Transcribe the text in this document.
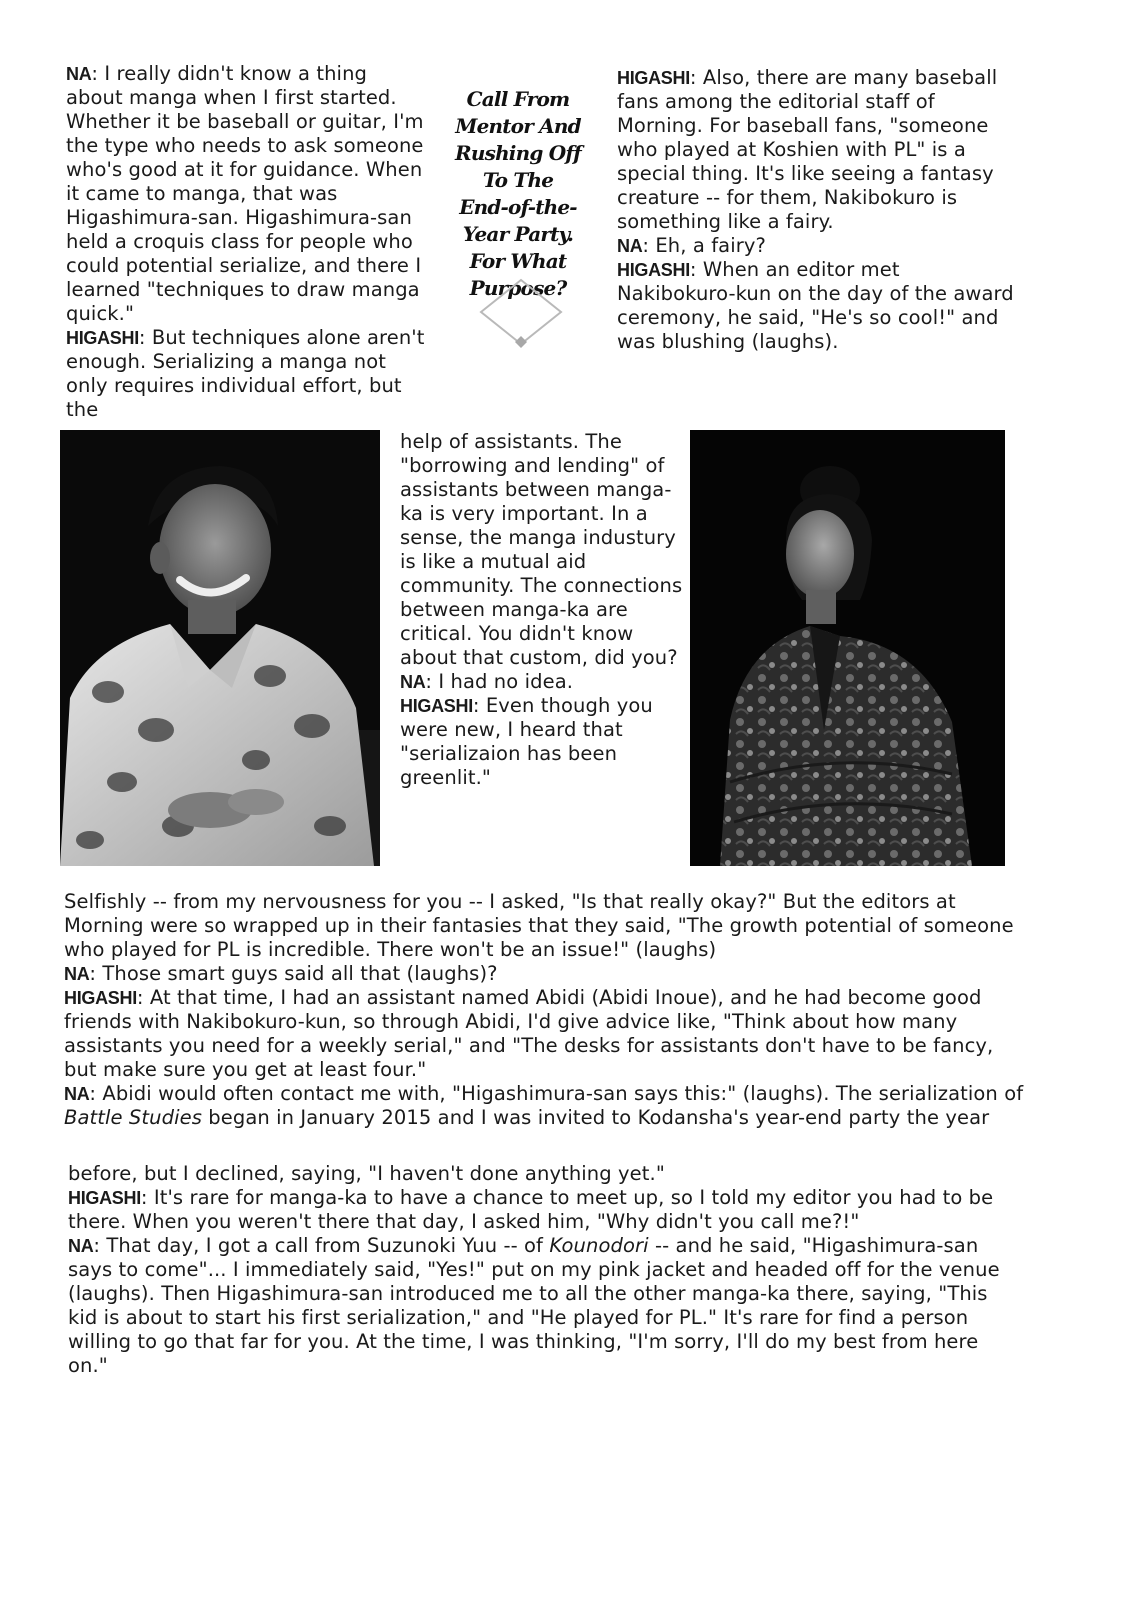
NA: I really didn't know a thing about manga when I first started. Whether it be baseball or guitar, I'm the type who needs to ask someone who's good at it for guidance. When it came to manga, that was Higashimura-san. Higashimura-san held a croquis class for people who could potential serialize, and there I learned "techniques to draw manga quick."

HIGASHI: But techniques alone aren't enough. Serializing a manga not only requires individual effort, but the

Call From
Mentor And
Rushing Off
To The
End-of-the-
Year Party.
For What
Purpose?

HIGASHI: Also, there are many baseball fans among the editorial staff of Morning. For baseball fans, "someone who played at Koshien with PL" is a special thing. It's like seeing a fantasy creature -- for them, Nakibokuro is something like a fairy.

NA: Eh, a fairy?

HIGASHI: When an editor met Nakibokuro-kun on the day of the award ceremony, he said, "He's so cool!" and was blushing (laughs).

help of assistants. The "borrowing and lending" of assistants between manga-ka is very important. In a sense, the manga industury is like a mutual aid community. The connections between manga-ka are critical. You didn't know about that custom, did you?

NA: I had no idea.

HIGASHI: Even though you were new, I heard that "serializaion has been greenlit."

Selfishly -- from my nervousness for you -- I asked, "Is that really okay?" But the editors at Morning were so wrapped up in their fantasies that they said, "The growth potential of someone who played for PL is incredible. There won't be an issue!" (laughs)

NA: Those smart guys said all that (laughs)?

HIGASHI: At that time, I had an assistant named Abidi (Abidi Inoue), and he had become good friends with Nakibokuro-kun, so through Abidi, I'd give advice like, "Think about how many assistants you need for a weekly serial," and "The desks for assistants don't have to be fancy, but make sure you get at least four."

NA: Abidi would often contact me with, "Higashimura-san says this:" (laughs). The serialization of Battle Studies began in January 2015 and I was invited to Kodansha's year-end party the year

before, but I declined, saying, "I haven't done anything yet."

HIGASHI: It's rare for manga-ka to have a chance to meet up, so I told my editor you had to be there. When you weren't there that day, I asked him, "Why didn't you call me?!"

NA: That day, I got a call from Suzunoki Yuu -- of Kounodori -- and he said, "Higashimura-san says to come"... I immediately said, "Yes!" put on my pink jacket and headed off for the venue (laughs). Then Higashimura-san introduced me to all the other manga-ka there, saying, "This kid is about to start his first serialization," and "He played for PL." It's rare for find a person willing to go that far for you. At the time, I was thinking, "I'm sorry, I'll do my best from here on."
